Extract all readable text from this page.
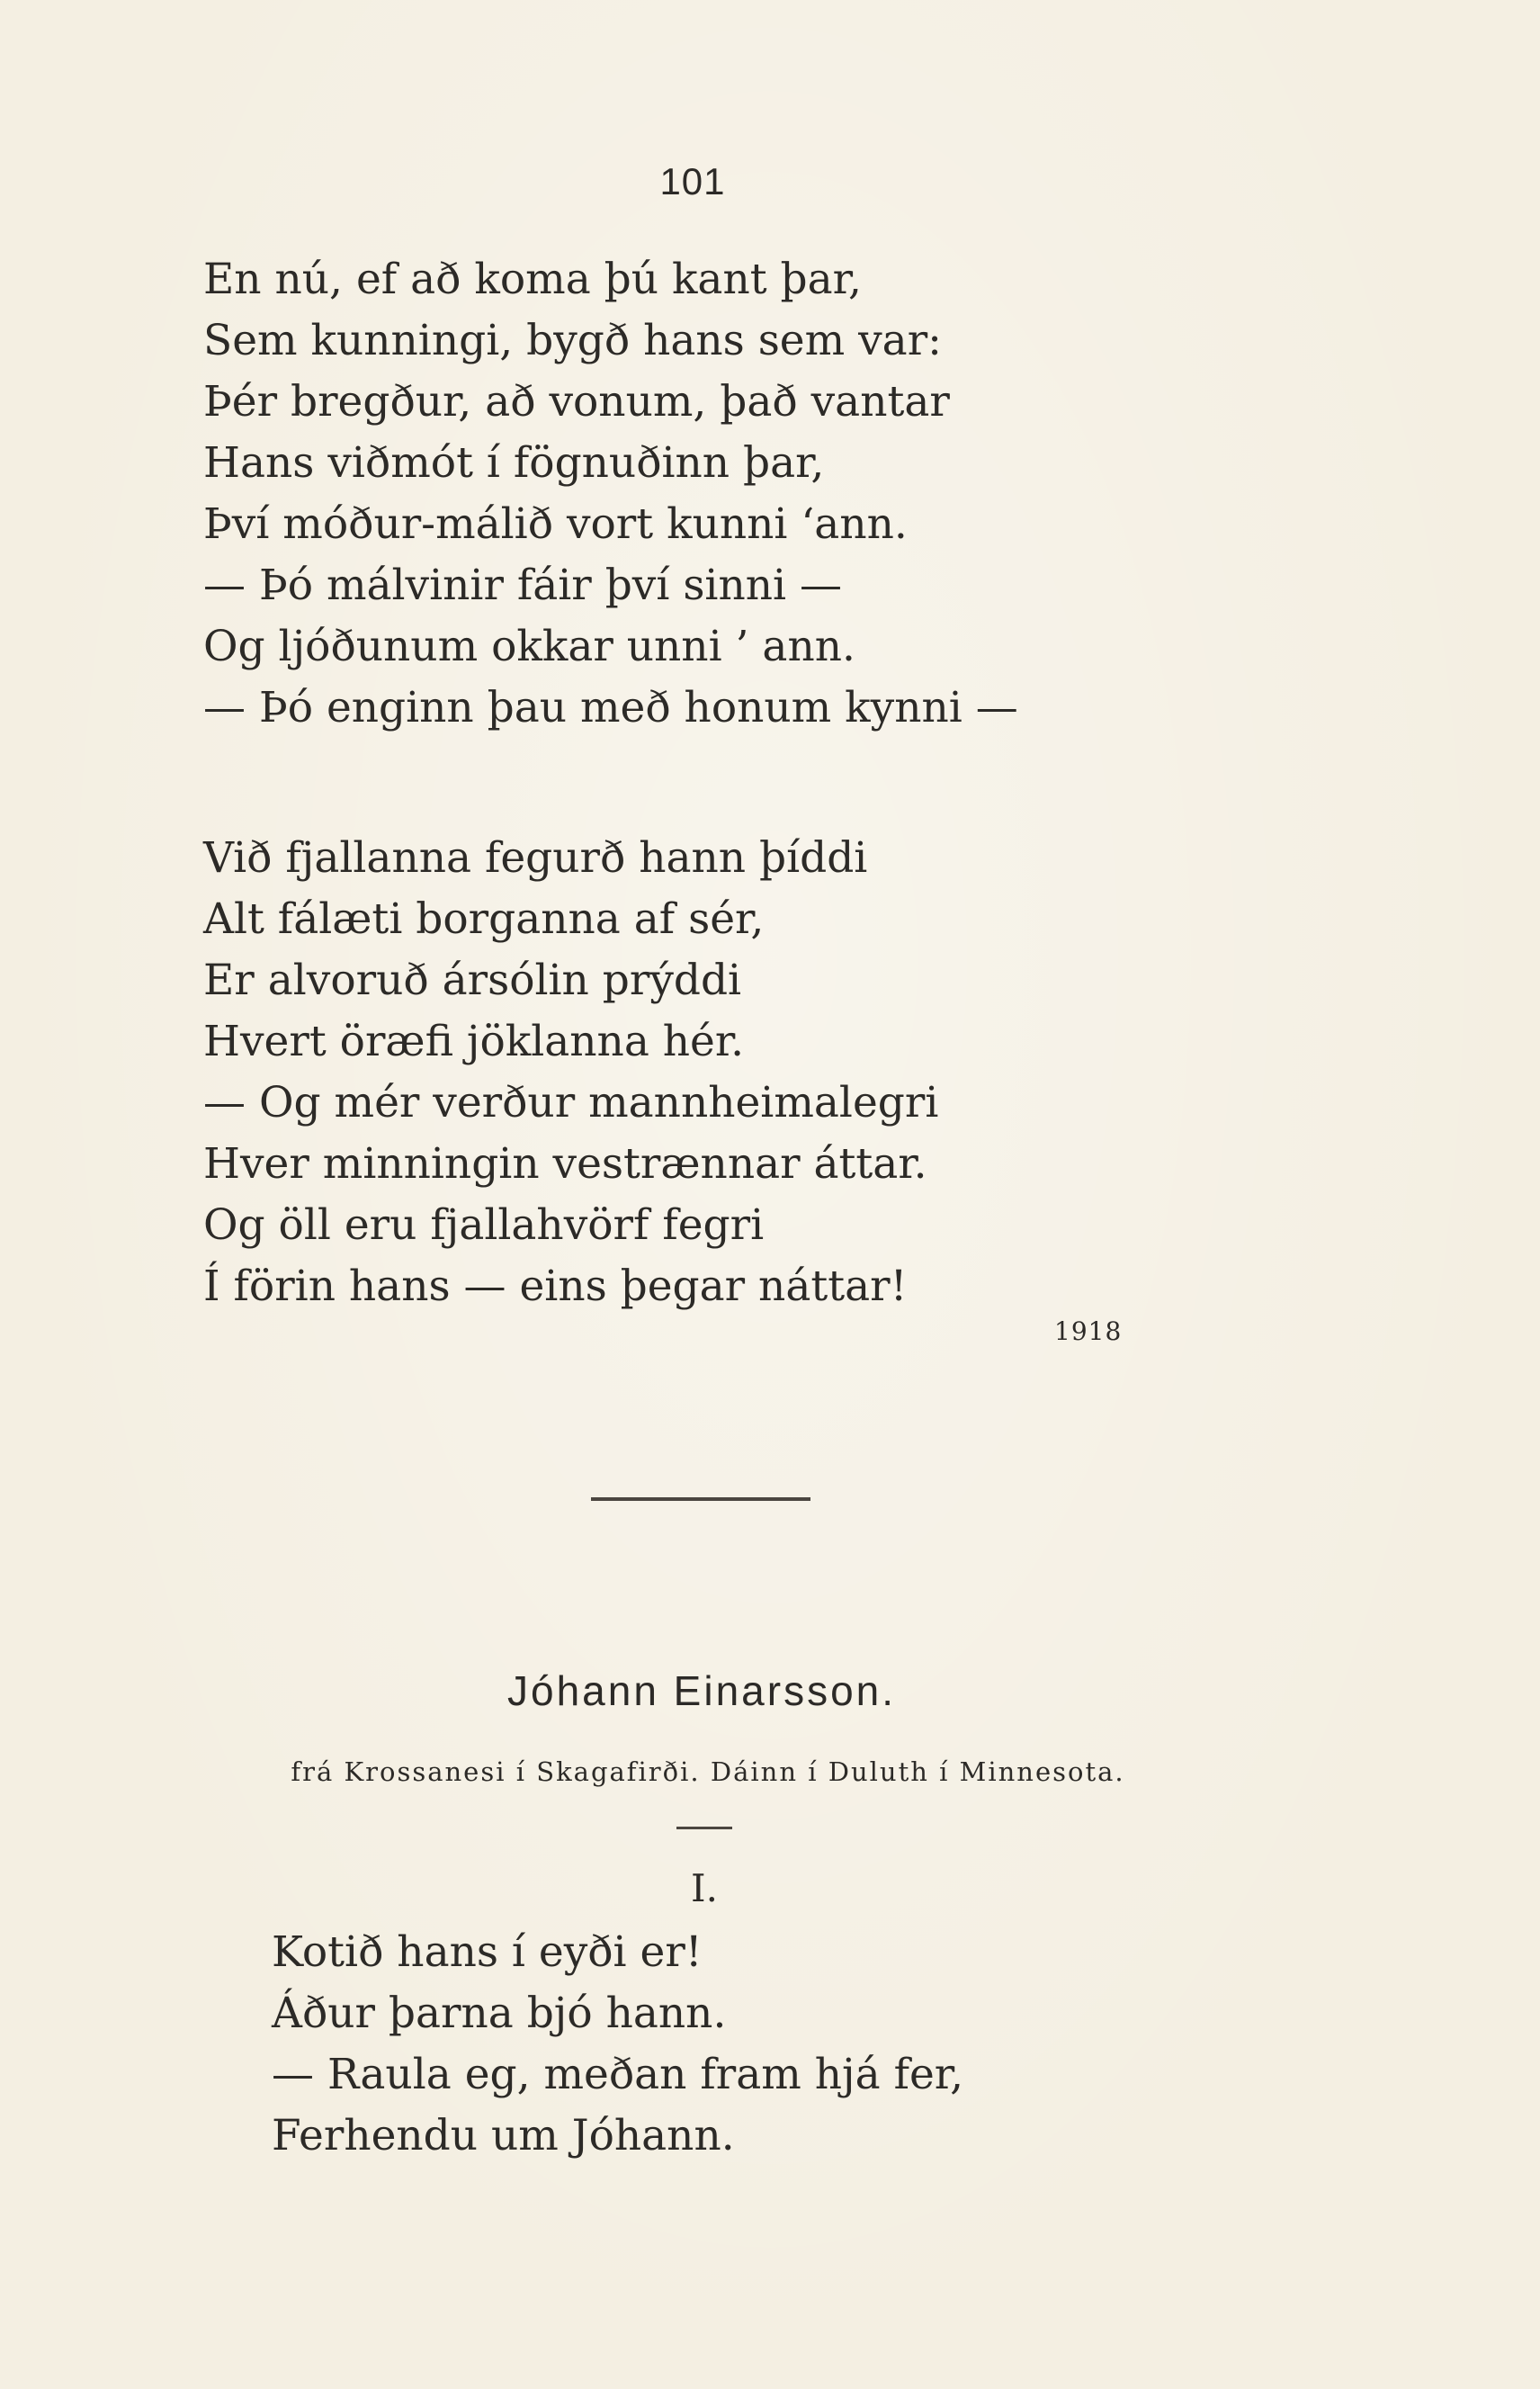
101
En nú, ef að koma þú kant þar,
Sem kunningi, bygð hans sem var:
Þér bregður, að vonum, það vantar
Hans viðmót í fögnuðinn þar,
Því móður-málið vort kunni ‘ann.
— Þó málvinir fáir því sinni —
Og ljóðunum okkar unni ’ ann.
— Þó enginn þau með honum kynni —
Við fjallanna fegurð hann þíddi
Alt fálæti borganna af sér,
Er alvoruð ársólin prýddi
Hvert öræfi jöklanna hér.
— Og mér verður mannheimalegri
Hver minningin vestrænnar áttar.
Og öll eru fjallahvörf fegri
Í förin hans — eins þegar náttar!
1918
Jóhann Einarsson.
frá Krossanesi í Skagafirði. Dáinn í Duluth í Minnesota.
I.
Kotið hans í eyði er!
Áður þarna bjó hann.
— Raula eg, meðan fram hjá fer,
Ferhendu um Jóhann.
